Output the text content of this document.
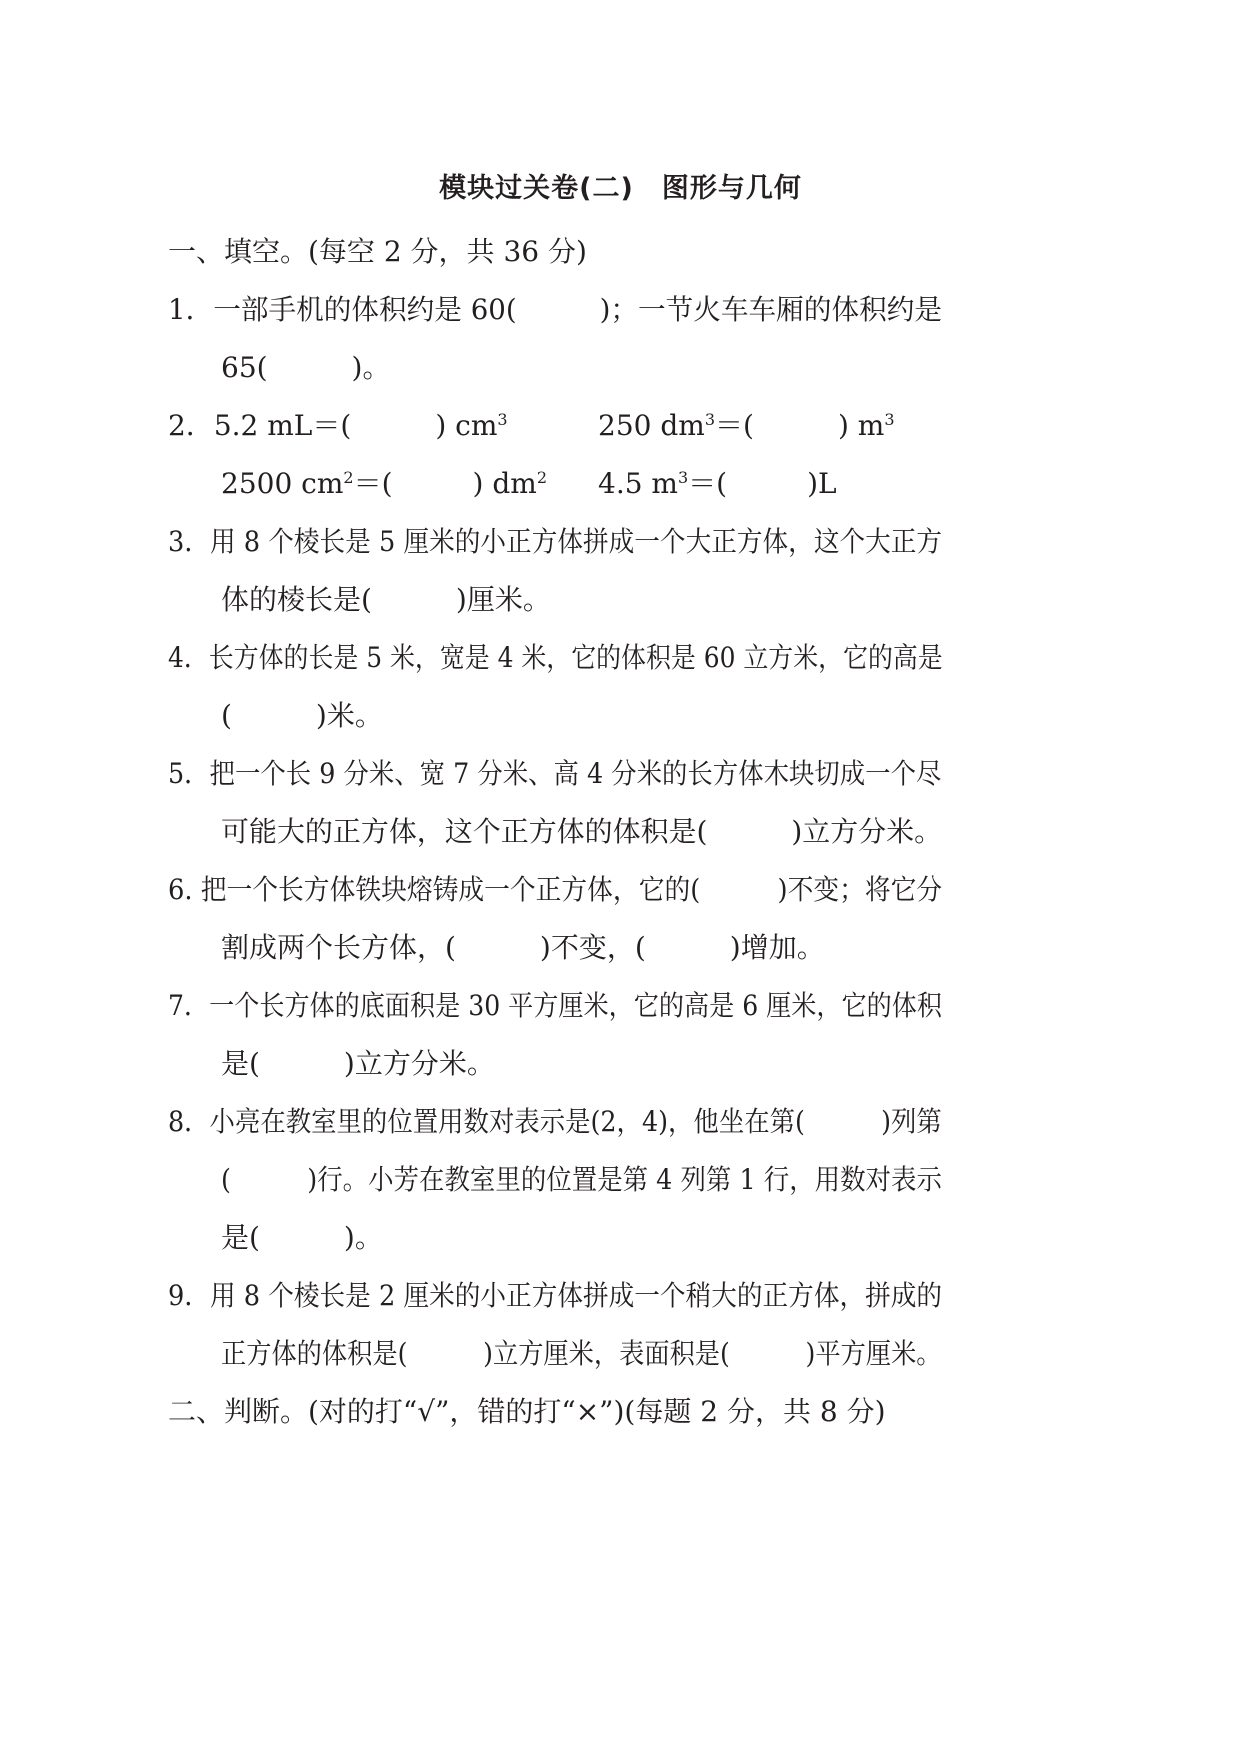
模块过关卷(二)　图形与几何
一、填空。(每空 2 分，共 36 分)
1．一部手机的体积约是 60(　　　)；一节火车车厢的体积约是
65(　　　)。
2．5.2 mL＝(	) $cm^3$	250 $dm^3=$(	) $m^3$
2500 $cm^2=$(	) $dm^2$ 4.5 $m^3=$(	)L
3．用 8 个棱长是 5 厘米的小正方体拼成一个大正方体，这个大正方
体的棱长是(　　　)厘米。
4．长方体的长是 5 米，宽是 4 米，它的体积是 60 立方米，它的高是
(　　　)米。
5．把一个长 9 分米、宽 7 分米、高 4 分米的长方体木块切成一个尽
可能大的正方体，这个正方体的体积是(　　　)立方分米。
6. 把一个长方体铁块熔铸成一个正方体，它的(　　　)不变；将它分
割成两个长方体，(　　　)不变，(　　　)增加。
7．一个长方体的底面积是 30 平方厘米，它的高是 6 厘米，它的体积
是(　　　)立方分米。
8．小亮在教室里的位置用数对表示是(2，4)，他坐在第(　　　)列第
(　　　)行。小芳在教室里的位置是第 4 列第 1 行，用数对表示
是(　　　)。
9．用 8 个棱长是 2 厘米的小正方体拼成一个稍大的正方体，拼成的
正方体的体积是(　　　)立方厘米，表面积是(　　　)平方厘米。
二、判断。(对的打“√”，错的打“×”)(每题 2 分，共 8 分)
